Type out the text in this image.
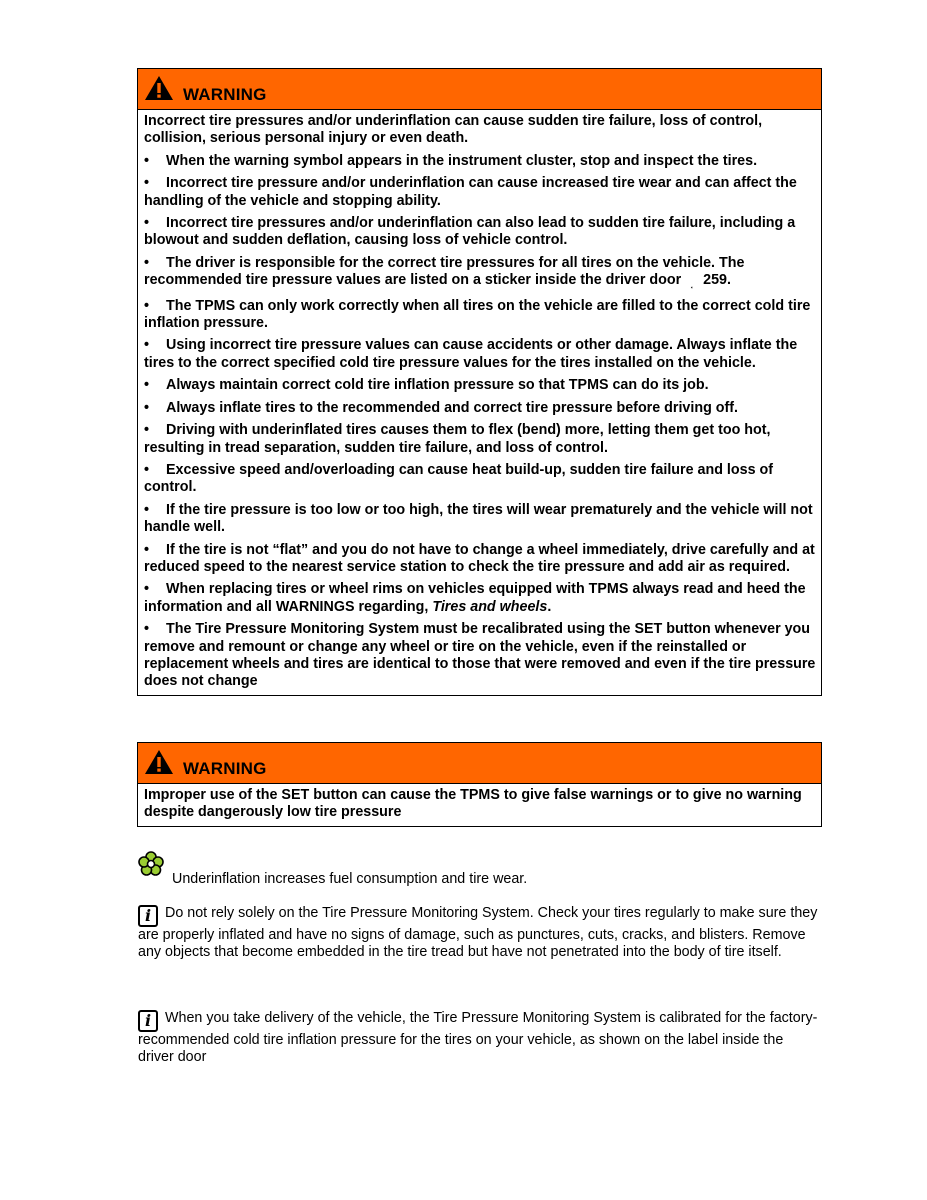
WARNING

Incorrect tire pressures and/or underinflation can cause sudden tire failure, loss of control, collision, serious personal injury or even death.

• When the warning symbol appears in the instrument cluster, stop and inspect the tires.

• Incorrect tire pressure and/or underinflation can cause increased tire wear and can affect the handling of the vehicle and stopping ability.

• Incorrect tire pressures and/or underinflation can also lead to sudden tire failure, including a blowout and sudden deflation, causing loss of vehicle control.

• The driver is responsible for the correct tire pressures for all tires on the vehicle. The recommended tire pressure values are listed on a sticker inside the driver door ⸼ 259.

• The TPMS can only work correctly when all tires on the vehicle are filled to the correct cold tire inflation pressure.

• Using incorrect tire pressure values can cause accidents or other damage. Always inflate the tires to the correct specified cold tire pressure values for the tires installed on the vehicle.

• Always maintain correct cold tire inflation pressure so that TPMS can do its job.

• Always inflate tires to the recommended and correct tire pressure before driving off.

• Driving with underinflated tires causes them to flex (bend) more, letting them get too hot, resulting in tread separation, sudden tire failure, and loss of control.

• Excessive speed and/overloading can cause heat build-up, sudden tire failure and loss of control.

• If the tire pressure is too low or too high, the tires will wear prematurely and the vehicle will not handle well.

• If the tire is not “flat” and you do not have to change a wheel immediately, drive carefully and at reduced speed to the nearest service station to check the tire pressure and add air as required.

• When replacing tires or wheel rims on vehicles equipped with TPMS always read and heed the information and all WARNINGS regarding, Tires and wheels.

• The Tire Pressure Monitoring System must be recalibrated using the SET button whenever you remove and remount or change any wheel or tire on the vehicle, even if the reinstalled or replacement wheels and tires are identical to those that were removed and even if the tire pressure does not change

WARNING

Improper use of the SET button can cause the TPMS to give false warnings or to give no warning despite dangerously low tire pressure

Underinflation increases fuel consumption and tire wear.
i Do not rely solely on the Tire Pressure Monitoring System. Check your tires regularly to make sure they are properly inflated and have no signs of damage, such as punctures, cuts, cracks, and blisters. Remove any objects that become embedded in the tire tread but have not penetrated into the body of tire itself.
i When you take delivery of the vehicle, the Tire Pressure Monitoring System is calibrated for the factory-recommended cold tire inflation pressure for the tires on your vehicle, as shown on the label inside the driver door
